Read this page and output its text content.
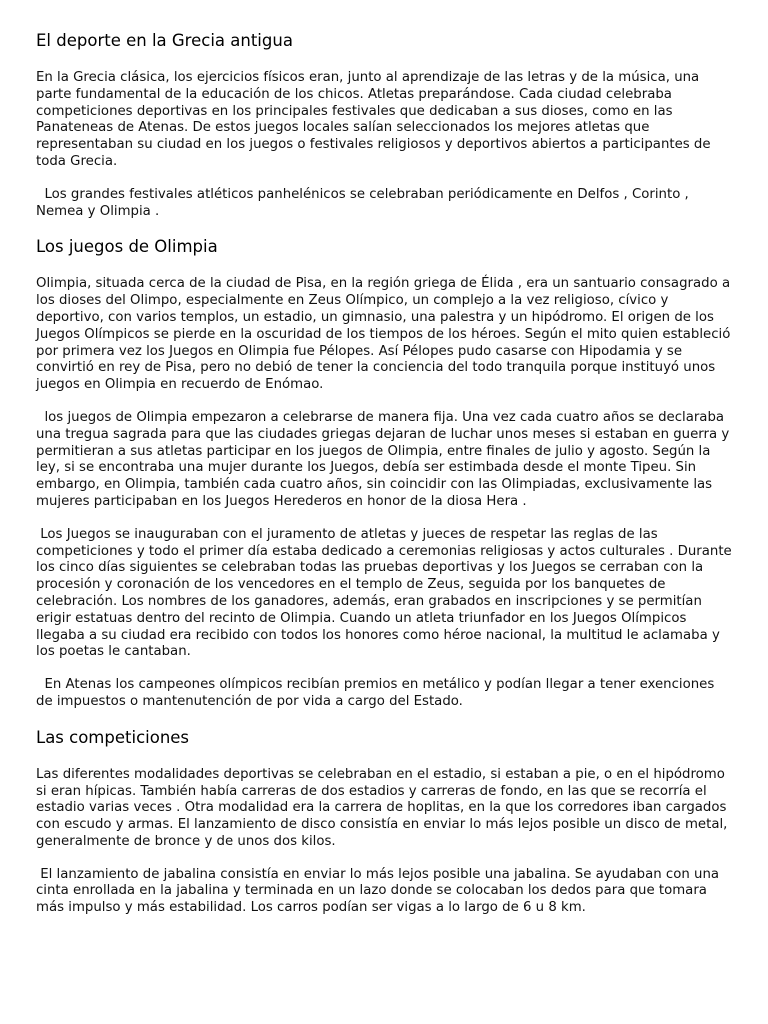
El deporte en la Grecia antigua

En la Grecia clásica, los ejercicios físicos eran, junto al aprendizaje de las letras y de la música, una parte fundamental de la educación de los chicos. Atletas preparándose. Cada ciudad celebraba competiciones deportivas en los principales festivales que dedicaban a sus dioses, como en las Panateneas de Atenas. De estos juegos locales salían seleccionados los mejores atletas que representaban su ciudad en los juegos o festivales religiosos y deportivos abiertos a participantes de toda Grecia.

Los grandes festivales atléticos panhelénicos se celebraban periódicamente en Delfos , Corinto , Nemea y Olimpia .

Los juegos de Olimpia

Olimpia, situada cerca de la ciudad de Pisa, en la región griega de Élida , era un santuario consagrado a los dioses del Olimpo, especialmente en Zeus Olímpico, un complejo a la vez religioso, cívico y deportivo, con varios templos, un estadio, un gimnasio, una palestra y un hipódromo. El origen de los Juegos Olímpicos se pierde en la oscuridad de los tiempos de los héroes. Según el mito quien estableció por primera vez los Juegos en Olimpia fue Pélopes. Así Pélopes pudo casarse con Hipodamia y se convirtió en rey de Pisa, pero no debió de tener la conciencia del todo tranquila porque instituyó unos juegos en Olimpia en recuerdo de Enómao.

los juegos de Olimpia empezaron a celebrarse de manera fija. Una vez cada cuatro años se declaraba una tregua sagrada para que las ciudades griegas dejaran de luchar unos meses si estaban en guerra y permitieran a sus atletas participar en los juegos de Olimpia, entre finales de julio y agosto. Según la ley, si se encontraba una mujer durante los Juegos, debía ser estimbada desde el monte Tipeu. Sin embargo, en Olimpia, también cada cuatro años, sin coincidir con las Olimpiadas, exclusivamente las mujeres participaban en los Juegos Herederos en honor de la diosa Hera .

Los Juegos se inauguraban con el juramento de atletas y jueces de respetar las reglas de las competiciones y todo el primer día estaba dedicado a ceremonias religiosas y actos culturales . Durante los cinco días siguientes se celebraban todas las pruebas deportivas y los Juegos se cerraban con la procesión y coronación de los vencedores en el templo de Zeus, seguida por los banquetes de celebración. Los nombres de los ganadores, además, eran grabados en inscripciones y se permitían erigir estatuas dentro del recinto de Olimpia. Cuando un atleta triunfador en los Juegos Olímpicos llegaba a su ciudad era recibido con todos los honores como héroe nacional, la multitud le aclamaba y los poetas le cantaban.

En Atenas los campeones olímpicos recibían premios en metálico y podían llegar a tener exenciones de impuestos o mantenutención de por vida a cargo del Estado.

Las competiciones

Las diferentes modalidades deportivas se celebraban en el estadio, si estaban a pie, o en el hipódromo si eran hípicas. También había carreras de dos estadios y carreras de fondo, en las que se recorría el estadio varias veces . Otra modalidad era la carrera de hoplitas, en la que los corredores iban cargados con escudo y armas. El lanzamiento de disco consistía en enviar lo más lejos posible un disco de metal, generalmente de bronce y de unos dos kilos.

El lanzamiento de jabalina consistía en enviar lo más lejos posible una jabalina. Se ayudaban con una cinta enrollada en la jabalina y terminada en un lazo donde se colocaban los dedos para que tomara más impulso y más estabilidad. Los carros podían ser vigas a lo largo de 6 u 8 km.
